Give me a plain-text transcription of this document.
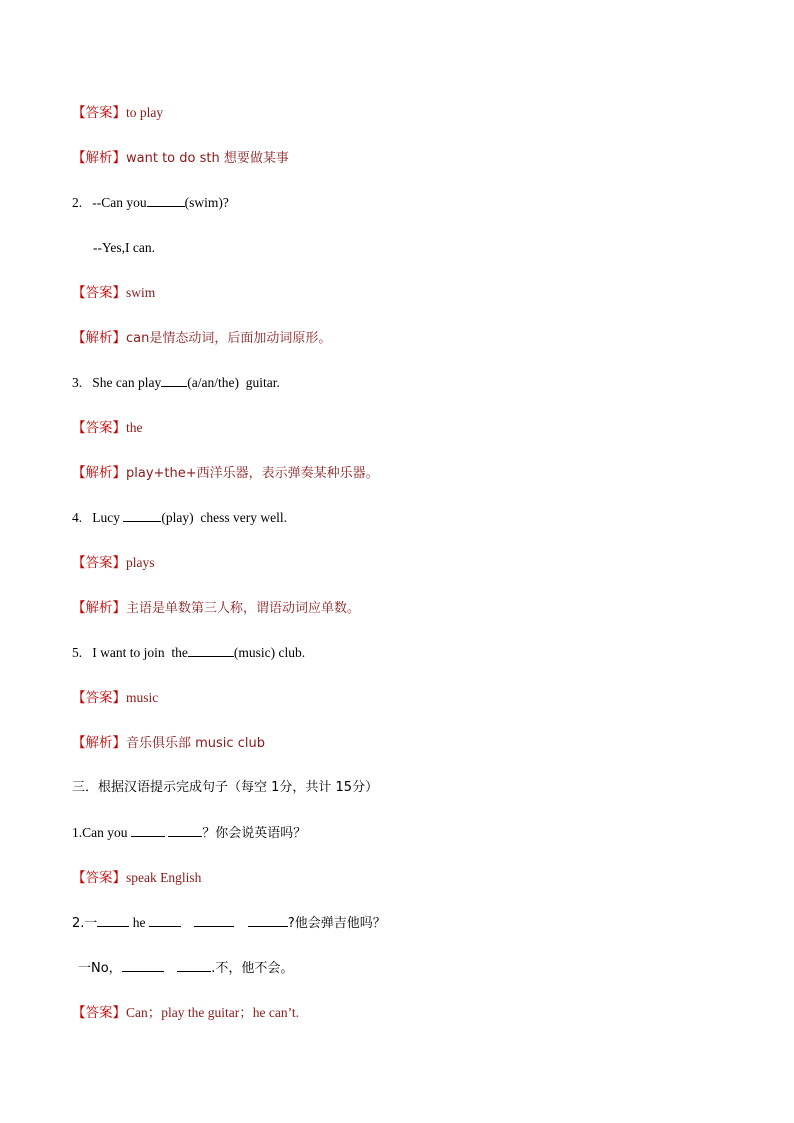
【答案】to play
【解析】want to do sth 想要做某事
2. --Can you	(swim)?
--Yes,I can.
【答案】swim
【解析】can是情态动词，后面加动词原形。
3. She can play (a/an/the)  guitar.
【答案】the
【解析】play+the+西洋乐器，表示弹奏某种乐器。
4. Lucy	(play)  chess very well.
【答案】plays
【解析】主语是单数第三人称，谓语动词应单数。
5. I want to join  the	(music) club.
【答案】music
【解析】音乐俱乐部 music club
三．根据汉语提示完成句子（每空 1分，共计 15分）
1.Can you	？你会说英语吗？
【答案】speak English
2.一 he	?他会弹吉他吗？
一No，	.不，他不会。
【答案】Can；play the guitar；he can’t.
